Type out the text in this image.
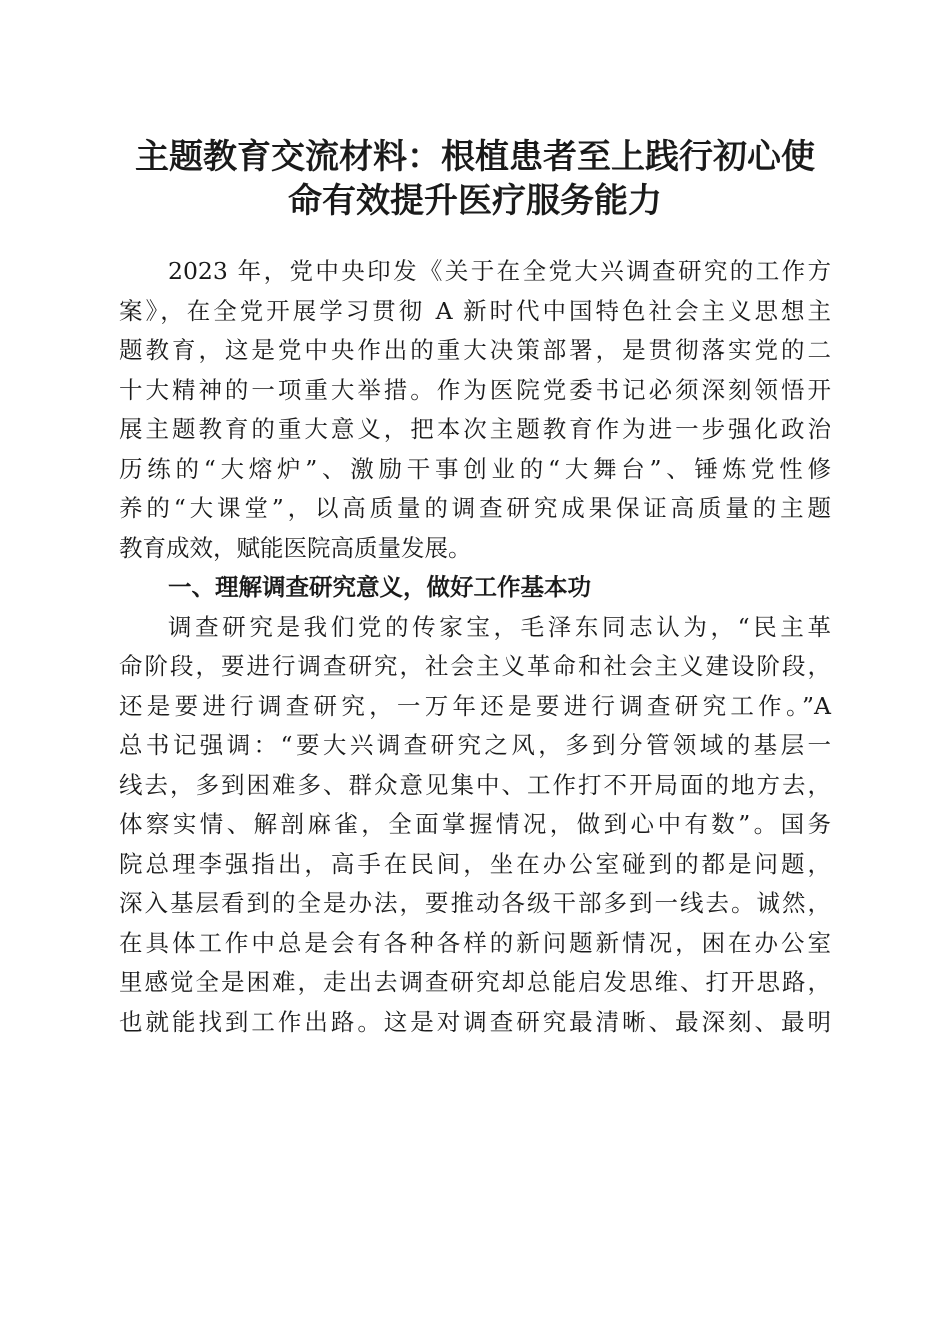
主题教育交流材料：根植患者至上践行初心使
命有效提升医疗服务能力
2023 年，党中央印发《关于在全党大兴调查研究的工作方
案》，在全党开展学习贯彻 A 新时代中国特色社会主义思想主
题教育，这是党中央作出的重大决策部署，是贯彻落实党的二
十大精神的一项重大举措。作为医院党委书记必须深刻领悟开
展主题教育的重大意义，把本次主题教育作为进一步强化政治
历练的“大熔炉”、激励干事创业的“大舞台”、锤炼党性修
养的“大课堂”，以高质量的调查研究成果保证高质量的主题
教育成效，赋能医院高质量发展。
一、理解调查研究意义，做好工作基本功
调查研究是我们党的传家宝，毛泽东同志认为，“民主革
命阶段，要进行调查研究，社会主义革命和社会主义建设阶段，
还是要进行调查研究，一万年还是要进行调查研究工作。”A
总书记强调：“要大兴调查研究之风，多到分管领域的基层一
线去，多到困难多、群众意见集中、工作打不开局面的地方去，
体察实情、解剖麻雀，全面掌握情况，做到心中有数”。国务
院总理李强指出，高手在民间，坐在办公室碰到的都是问题，
深入基层看到的全是办法，要推动各级干部多到一线去。诚然，
在具体工作中总是会有各种各样的新问题新情况，困在办公室
里感觉全是困难，走出去调查研究却总能启发思维、打开思路，
也就能找到工作出路。这是对调查研究最清晰、最深刻、最明
